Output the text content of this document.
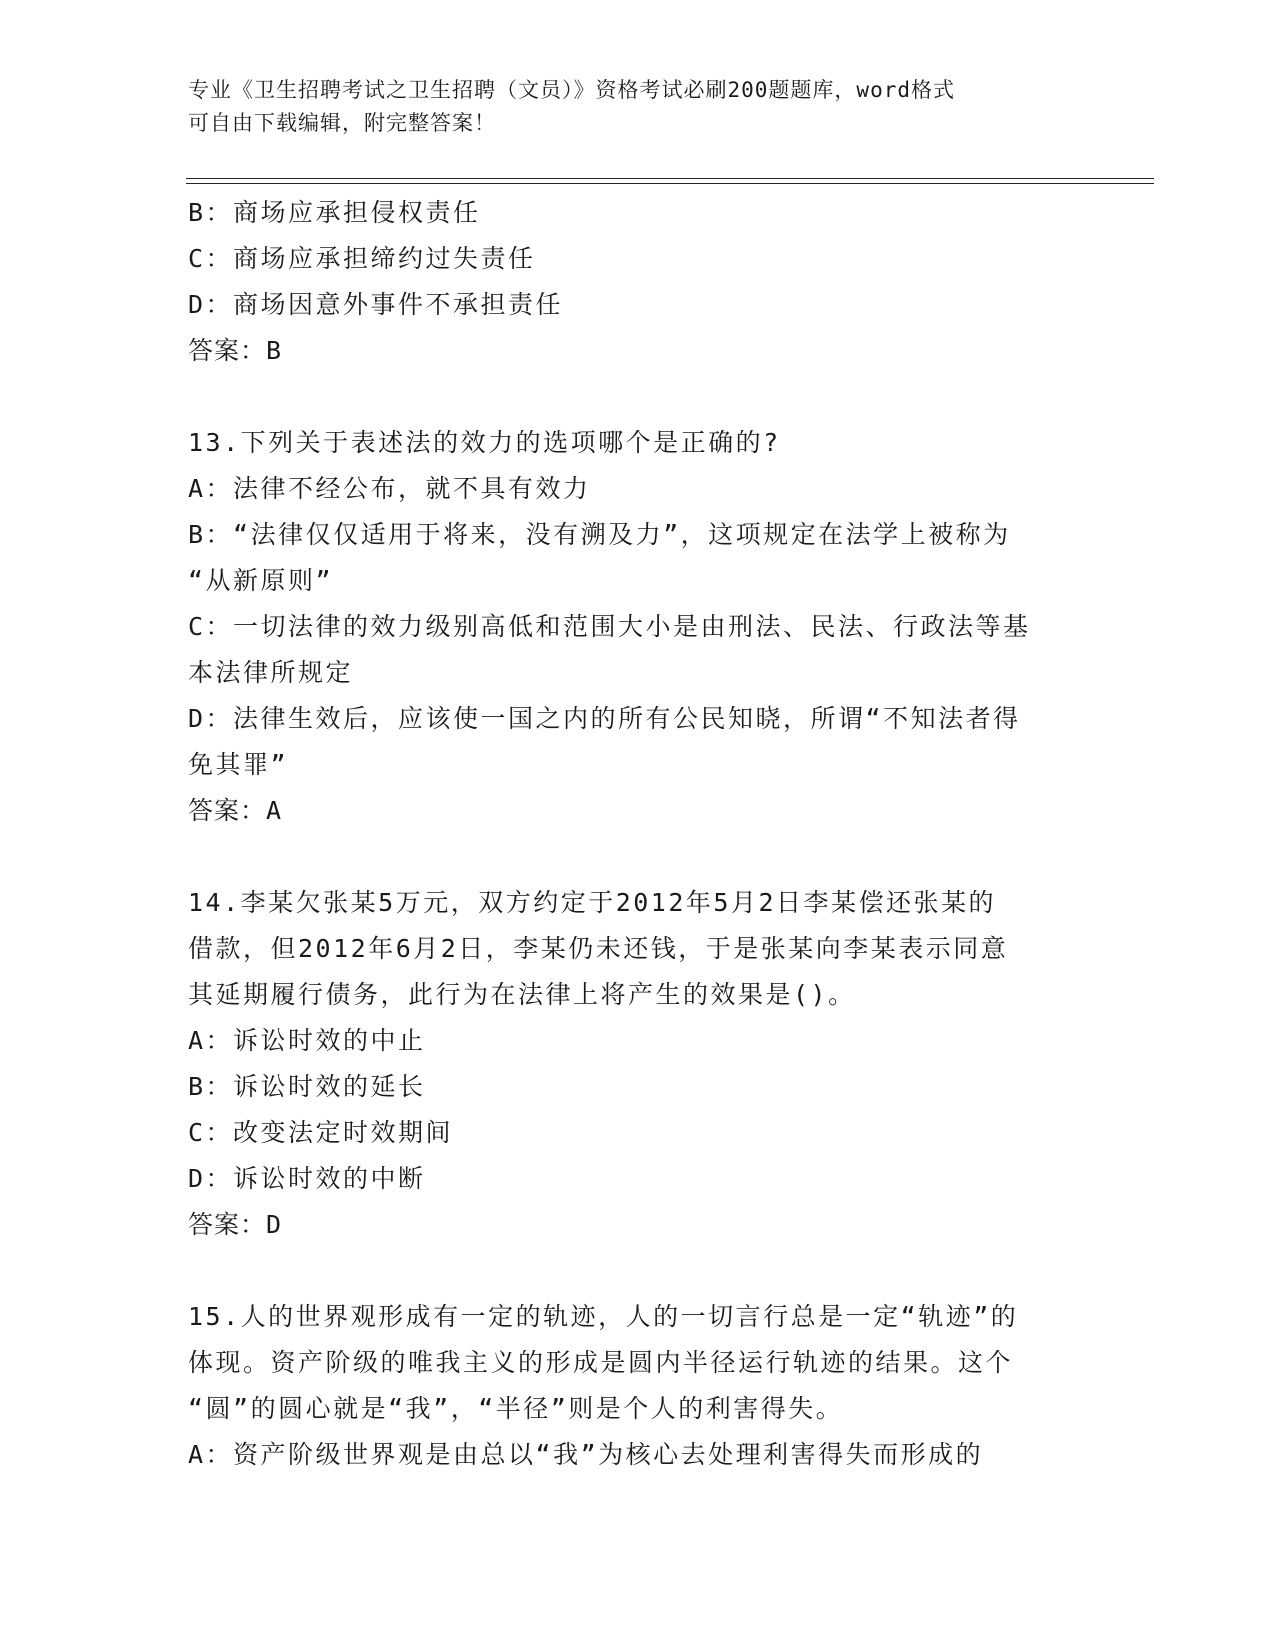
专业《卫生招聘考试之卫生招聘（文员）》资格考试必刷200题题库，word格式
可自由下载编辑，附完整答案！
B：商场应承担侵权责任
C：商场应承担缔约过失责任
D：商场因意外事件不承担责任
答案：B
13.下列关于表述法的效力的选项哪个是正确的?
A：法律不经公布，就不具有效力
B：“法律仅仅适用于将来，没有溯及力”，这项规定在法学上被称为
“从新原则”
C：一切法律的效力级别高低和范围大小是由刑法、民法、行政法等基
本法律所规定
D：法律生效后，应该使一国之内的所有公民知晓，所谓“不知法者得
免其罪”
答案：A
14.李某欠张某5万元，双方约定于2012年5月2日李某偿还张某的
借款，但2012年6月2日，李某仍未还钱，于是张某向李某表示同意
其延期履行债务，此行为在法律上将产生的效果是()。
A：诉讼时效的中止
B：诉讼时效的延长
C：改变法定时效期间
D：诉讼时效的中断
答案：D
15.人的世界观形成有一定的轨迹，人的一切言行总是一定“轨迹”的
体现。资产阶级的唯我主义的形成是圆内半径运行轨迹的结果。这个
“圆”的圆心就是“我”，“半径”则是个人的利害得失。
A：资产阶级世界观是由总以“我”为核心去处理利害得失而形成的
